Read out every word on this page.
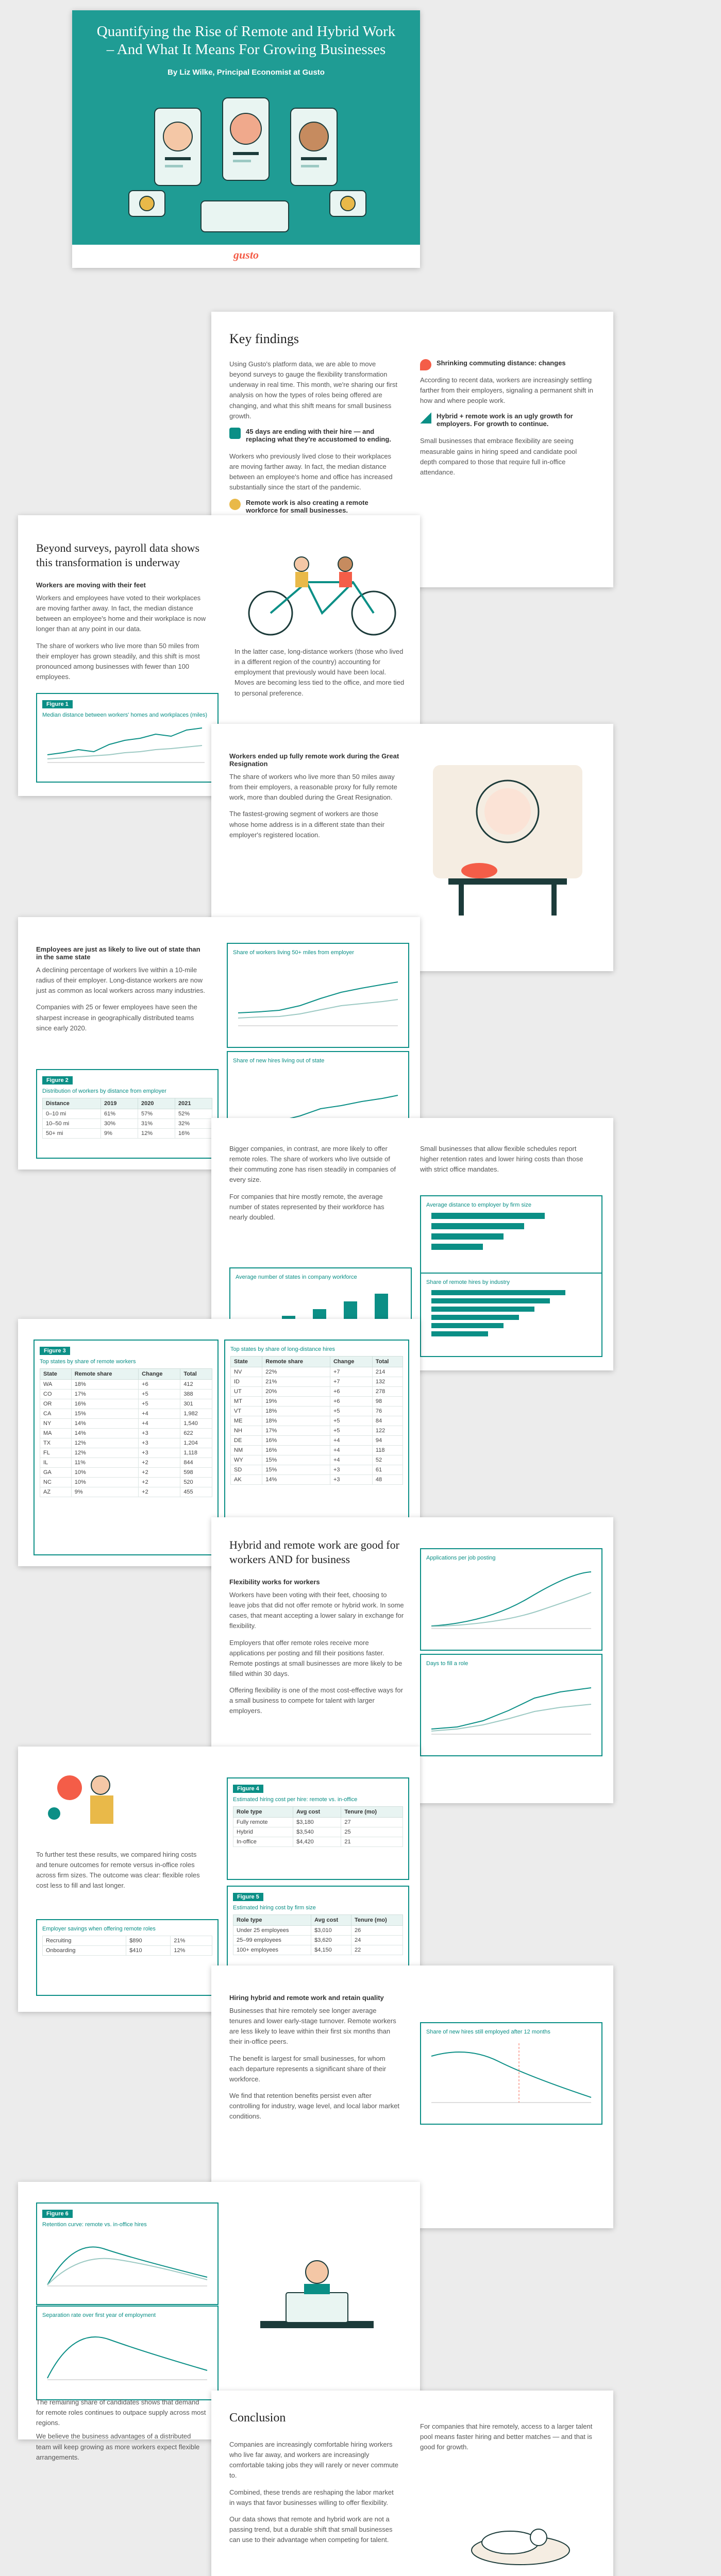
Quantifying the Rise of Remote and Hybrid Work – And What It Means For Growing Businesses
By Liz Wilke, Principal Economist at Gusto
gusto
Key findings

Using Gusto's platform data, we are able to move beyond surveys to gauge the flexibility transformation underway in real time. This month, we're sharing our first analysis on how the types of roles being offered are changing, and what this shift means for small business growth.

45 days are ending with their hire — and replacing what they're accustomed to ending.

Workers who previously lived close to their workplaces are moving farther away. In fact, the median distance between an employee's home and office has increased substantially since the start of the pandemic.

Remote work is also creating a remote workforce for small businesses.
Shrinking commuting distance: changes

According to recent data, workers are increasingly settling farther from their employers, signaling a permanent shift in how and where people work.

Hybrid + remote work is an ugly growth for employers. For growth to continue.

Small businesses that embrace flexibility are seeing measurable gains in hiring speed and candidate pool depth compared to those that require full in-office attendance.

Beyond surveys, payroll data shows this transformation is underway
Workers are moving with their feet

Workers and employees have voted to their workplaces are moving farther away. In fact, the median distance between an employee's home and their workplace is now longer than at any point in our data.

The share of workers who live more than 50 miles from their employer has grown steadily, and this shift is most pronounced among businesses with fewer than 100 employees.

In the latter case, long-distance workers (those who lived in a different region of the country) accounting for employment that previously would have been local. Moves are becoming less tied to the office, and more tied to personal preference.

Figure 1
Median distance between workers' homes and workplaces (miles)
Workers ended up fully remote work during the Great Resignation

The share of workers who live more than 50 miles away from their employers, a reasonable proxy for fully remote work, more than doubled during the Great Resignation.

The fastest-growing segment of workers are those whose home address is in a different state than their employer's registered location.

Employees are just as likely to live out of state than in the same state

A declining percentage of workers live within a 10-mile radius of their employer. Long-distance workers are now just as common as local workers across many industries.

Companies with 25 or fewer employees have seen the sharpest increase in geographically distributed teams since early 2020.

Figure 2
Distribution of workers by distance from employer
Distance	2019	2020	2021
0–10 mi	61%	57%	52%
10–50 mi	30%	31%	32%
50+ mi	9%	12%	16%
Share of workers living 50+ miles from employer
Share of new hires living out of state

Bigger companies, in contrast, are more likely to offer remote roles. The share of workers who live outside of their commuting zone has risen steadily in companies of every size.

For companies that hire mostly remote, the average number of states represented by their workforce has nearly doubled.

Average number of states in company workforce

Small businesses that allow flexible schedules report higher retention rates and lower hiring costs than those with strict office mandates.

Average distance to employer by firm size
Share of remote hires by industry
Figure 3
Top states by share of remote workers
State	Remote share	Change	Total
WA	18%	+6	412
CO	17%	+5	388
OR	16%	+5	301
CA	15%	+4	1,982
NY	14%	+4	1,540
MA	14%	+3	622
TX	12%	+3	1,204
FL	12%	+3	1,118
IL	11%	+2	844
GA	10%	+2	598
NC	10%	+2	520
AZ	9%	+2	455
Top states by share of long-distance hires
State	Remote share	Change	Total
NV	22%	+7	214
ID	21%	+7	132
UT	20%	+6	278
MT	19%	+6	98
VT	18%	+5	76
ME	18%	+5	84
NH	17%	+5	122
DE	16%	+4	94
NM	16%	+4	118
WY	15%	+4	52
SD	15%	+3	61
AK	14%	+3	48
Hybrid and remote work are good for workers AND for business
Flexibility works for workers

Workers have been voting with their feet, choosing to leave jobs that did not offer remote or hybrid work. In some cases, that meant accepting a lower salary in exchange for flexibility.

Employers that offer remote roles receive more applications per posting and fill their positions faster. Remote postings at small businesses are more likely to be filled within 30 days.

Offering flexibility is one of the most cost-effective ways for a small business to compete for talent with larger employers.

Applications per job posting
Days to fill a role

To further test these results, we compared hiring costs and tenure outcomes for remote versus in-office roles across firm sizes. The outcome was clear: flexible roles cost less to fill and last longer.

Employer savings when offering remote roles
Recruiting	$890	21%
Onboarding	$410	12%
Figure 4
Estimated hiring cost per hire: remote vs. in-office
Role type	Avg cost	Tenure (mo)
Fully remote	$3,180	27
Hybrid	$3,540	25
In-office	$4,420	21
Figure 5
Estimated hiring cost by firm size
Role type	Avg cost	Tenure (mo)
Under 25 employees	$3,010	26
25–99 employees	$3,620	24
100+ employees	$4,150	22
Hiring hybrid and remote work and retain quality

Businesses that hire remotely see longer average tenures and lower early-stage turnover. Remote workers are less likely to leave within their first six months than their in-office peers.

The benefit is largest for small businesses, for whom each departure represents a significant share of their workforce.

We find that retention benefits persist even after controlling for industry, wage level, and local labor market conditions.

Share of new hires still employed after 12 months
Figure 6
Retention curve: remote vs. in-office hires
Separation rate over first year of employment

The remaining share of candidates shows that demand for remote roles continues to outpace supply across most regions.

We believe the business advantages of a distributed team will keep growing as more workers expect flexible arrangements.

Conclusion

Companies are increasingly comfortable hiring workers who live far away, and workers are increasingly comfortable taking jobs they will rarely or never commute to.

Combined, these trends are reshaping the labor market in ways that favor businesses willing to offer flexibility.

Our data shows that remote and hybrid work are not a passing trend, but a durable shift that small businesses can use to their advantage when competing for talent.

For companies that hire remotely, access to a larger talent pool means faster hiring and better matches — and that is good for growth.
